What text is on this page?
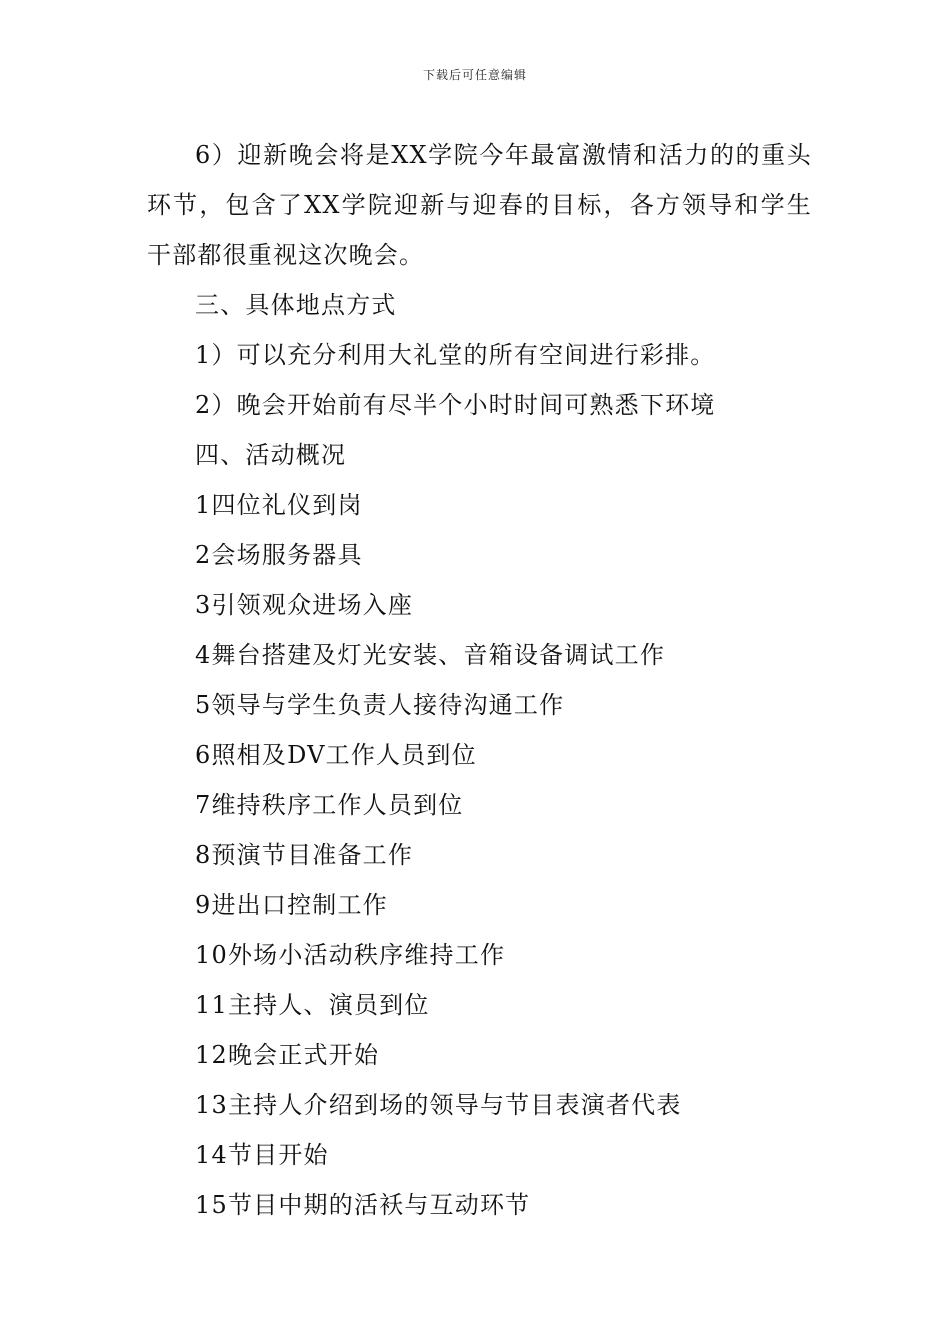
下载后可任意编辑

6）迎新晚会将是XX学院今年最富激情和活力的的重头环节，包含了XX学院迎新与迎春的目标，各方领导和学生干部都很重视这次晚会。

三、具体地点方式

1）可以充分利用大礼堂的所有空间进行彩排。

2）晚会开始前有尽半个小时时间可熟悉下环境

四、活动概况

1四位礼仪到岗

2会场服务器具

3引领观众进场入座

4舞台搭建及灯光安装、音箱设备调试工作

5领导与学生负责人接待沟通工作

6照相及DV工作人员到位

7维持秩序工作人员到位

8预演节目准备工作

9进出口控制工作

10外场小活动秩序维持工作

11主持人、演员到位

12晚会正式开始

13主持人介绍到场的领导与节目表演者代表

14节目开始

15节目中期的活袄与互动环节
